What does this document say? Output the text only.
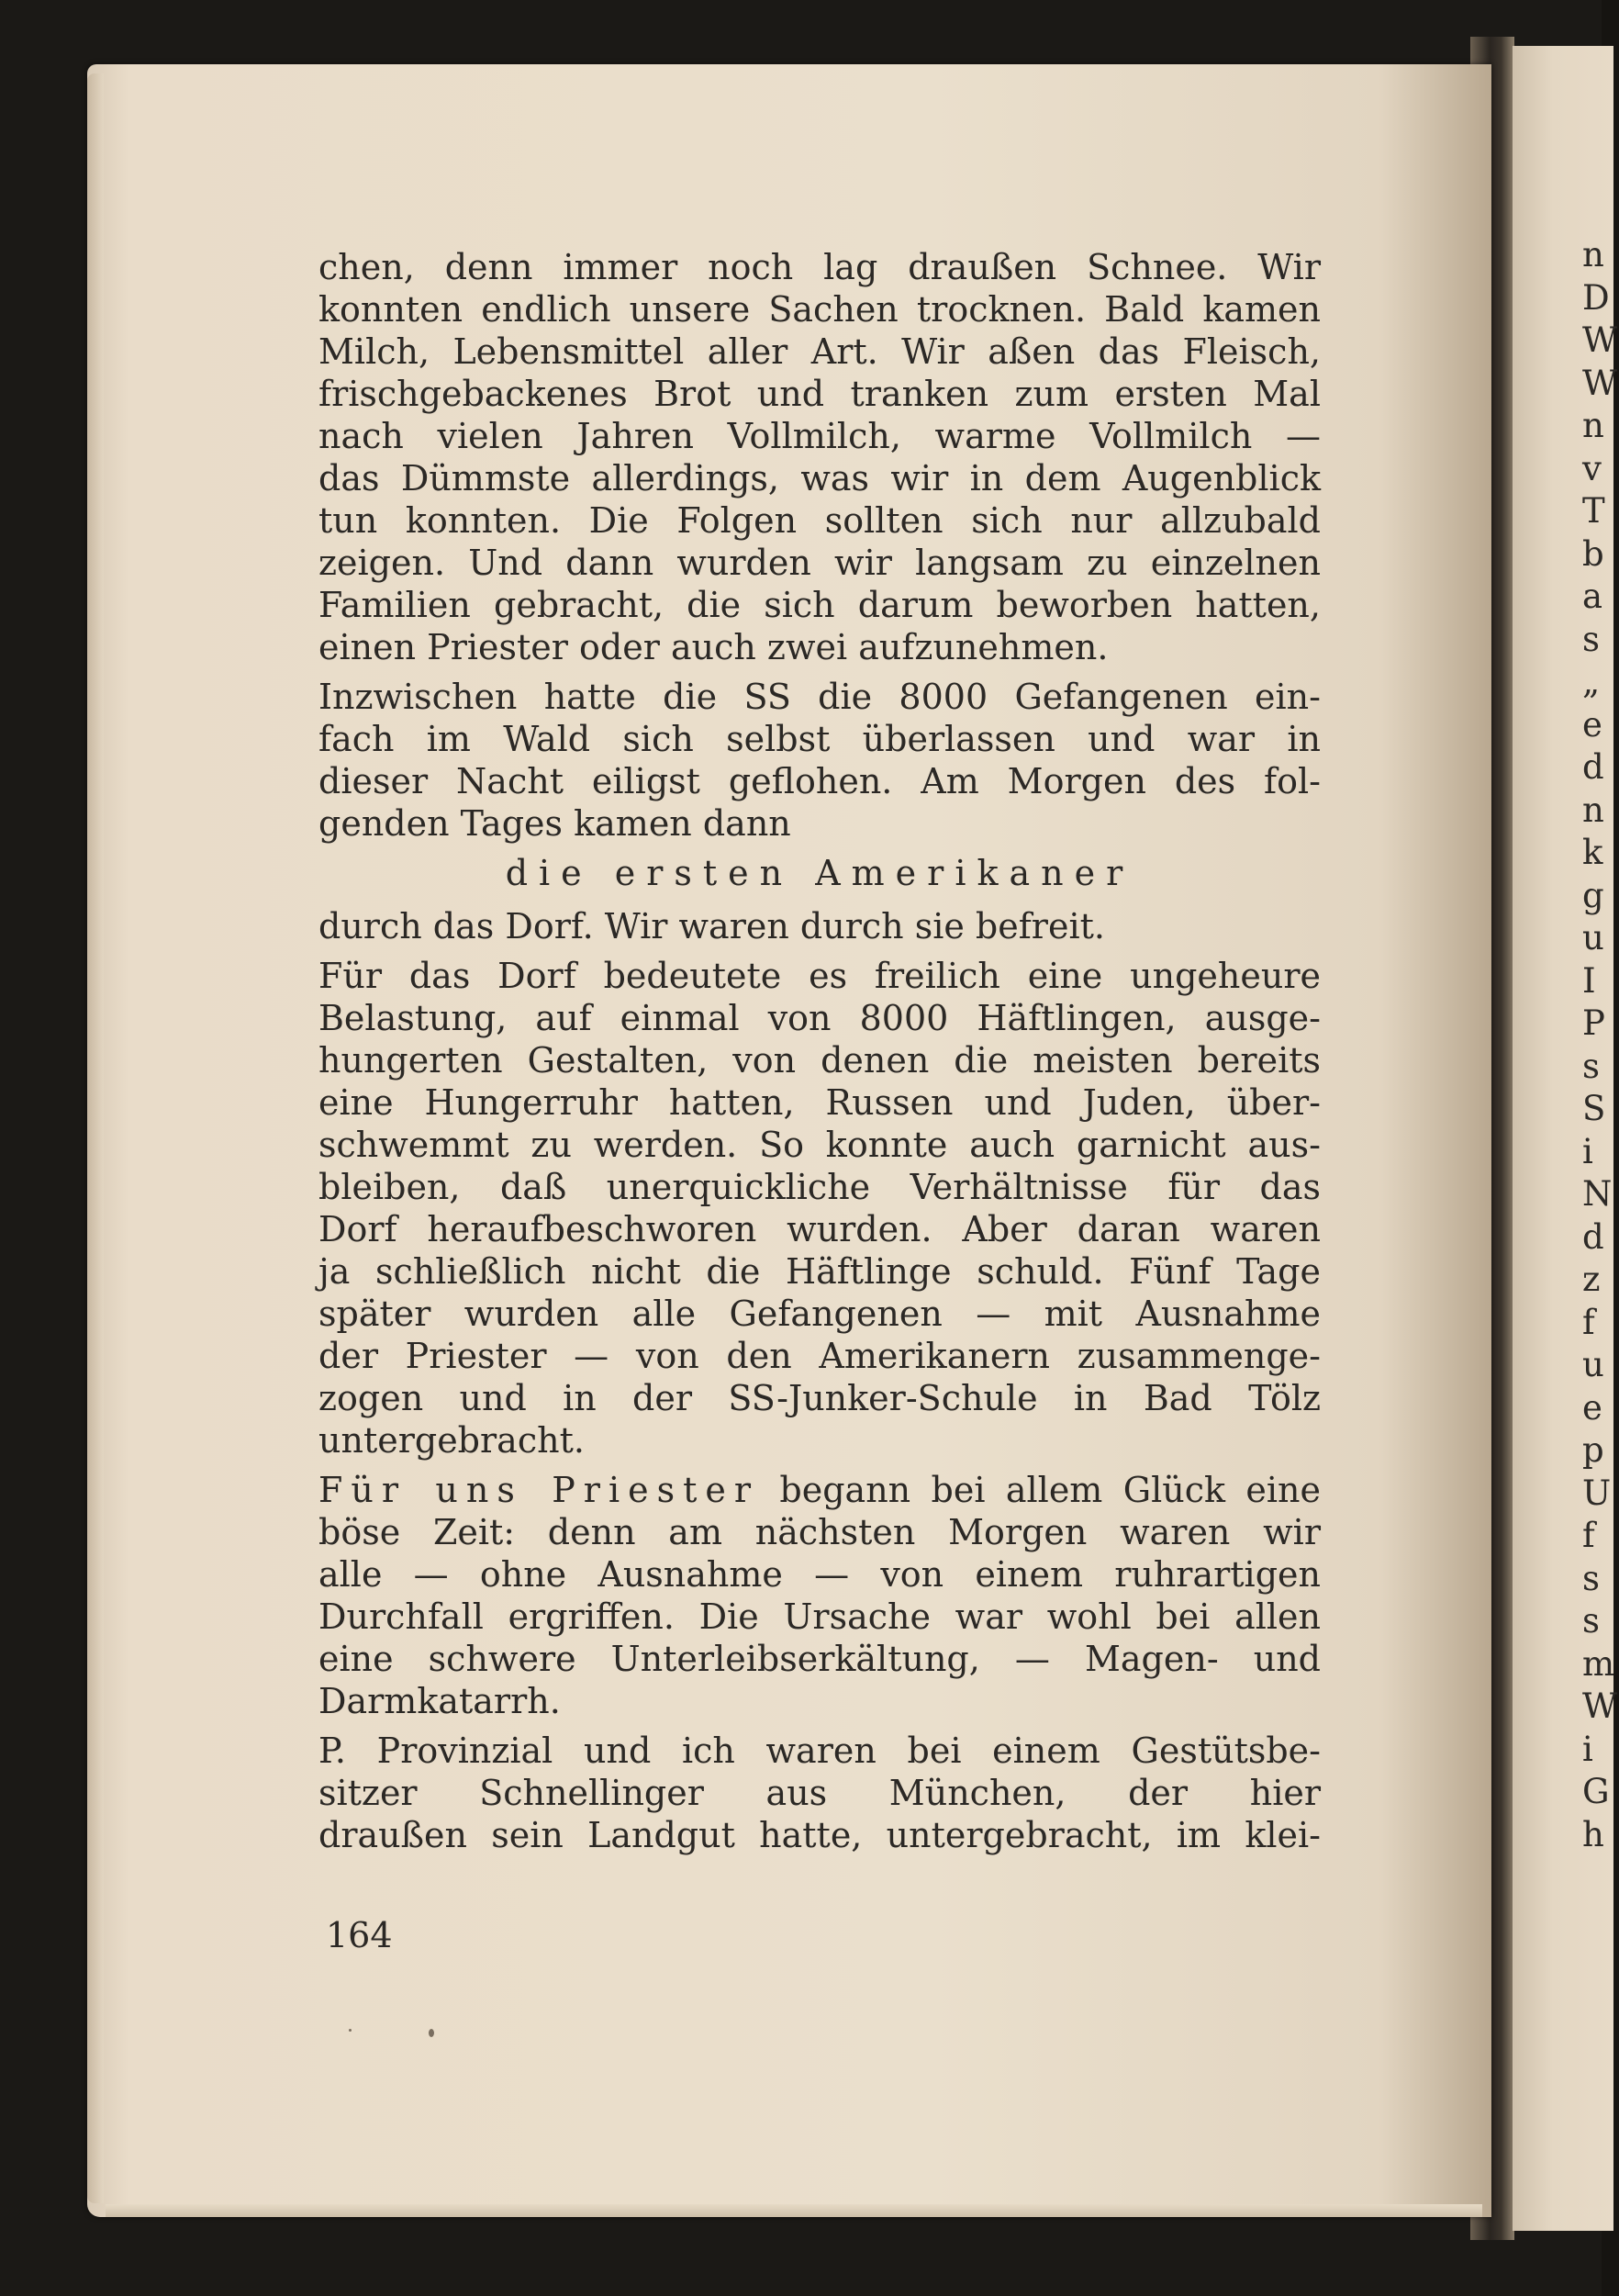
n
D
W
W
n
v
T
b
a
s
„
e
d
n
k
g
u
I
P
s
S
i
N
d
z
f
u
e
p
U
f
s
s
m
W
i
G
h
chen, denn immer noch lag draußen Schnee. Wir
konnten endlich unsere Sachen trocknen. Bald kamen
Milch, Lebensmittel aller Art. Wir aßen das Fleisch,
frischgebackenes Brot und tranken zum ersten Mal
nach vielen Jahren Vollmilch, warme Vollmilch —
das Dümmste allerdings, was wir in dem Augenblick
tun konnten. Die Folgen sollten sich nur allzubald
zeigen. Und dann wurden wir langsam zu einzelnen
Familien gebracht, die sich darum beworben hatten,
einen Priester oder auch zwei aufzunehmen.
Inzwischen hatte die SS die 8000 Gefangenen ein-
fach im Wald sich selbst überlassen und war in
dieser Nacht eiligst geflohen. Am Morgen des fol-
genden Tages kamen dann
die ersten Amerikaner
durch das Dorf. Wir waren durch sie befreit.
Für das Dorf bedeutete es freilich eine ungeheure
Belastung, auf einmal von 8000 Häftlingen, ausge-
hungerten Gestalten, von denen die meisten bereits
eine Hungerruhr hatten, Russen und Juden, über-
schwemmt zu werden. So konnte auch garnicht aus-
bleiben, daß unerquickliche Verhältnisse für das
Dorf heraufbeschworen wurden. Aber daran waren
ja schließlich nicht die Häftlinge schuld. Fünf Tage
später wurden alle Gefangenen — mit Ausnahme
der Priester — von den Amerikanern zusammenge-
zogen und in der SS-Junker-Schule in Bad Tölz
untergebracht.
Für uns Priester begann bei allem Glück eine
böse Zeit: denn am nächsten Morgen waren wir
alle — ohne Ausnahme — von einem ruhrartigen
Durchfall ergriffen. Die Ursache war wohl bei allen
eine schwere Unterleibserkältung, — Magen- und
Darmkatarrh.
P. Provinzial und ich waren bei einem Gestütsbe-
sitzer Schnellinger aus München, der hier
draußen sein Landgut hatte, untergebracht, im klei-
164
